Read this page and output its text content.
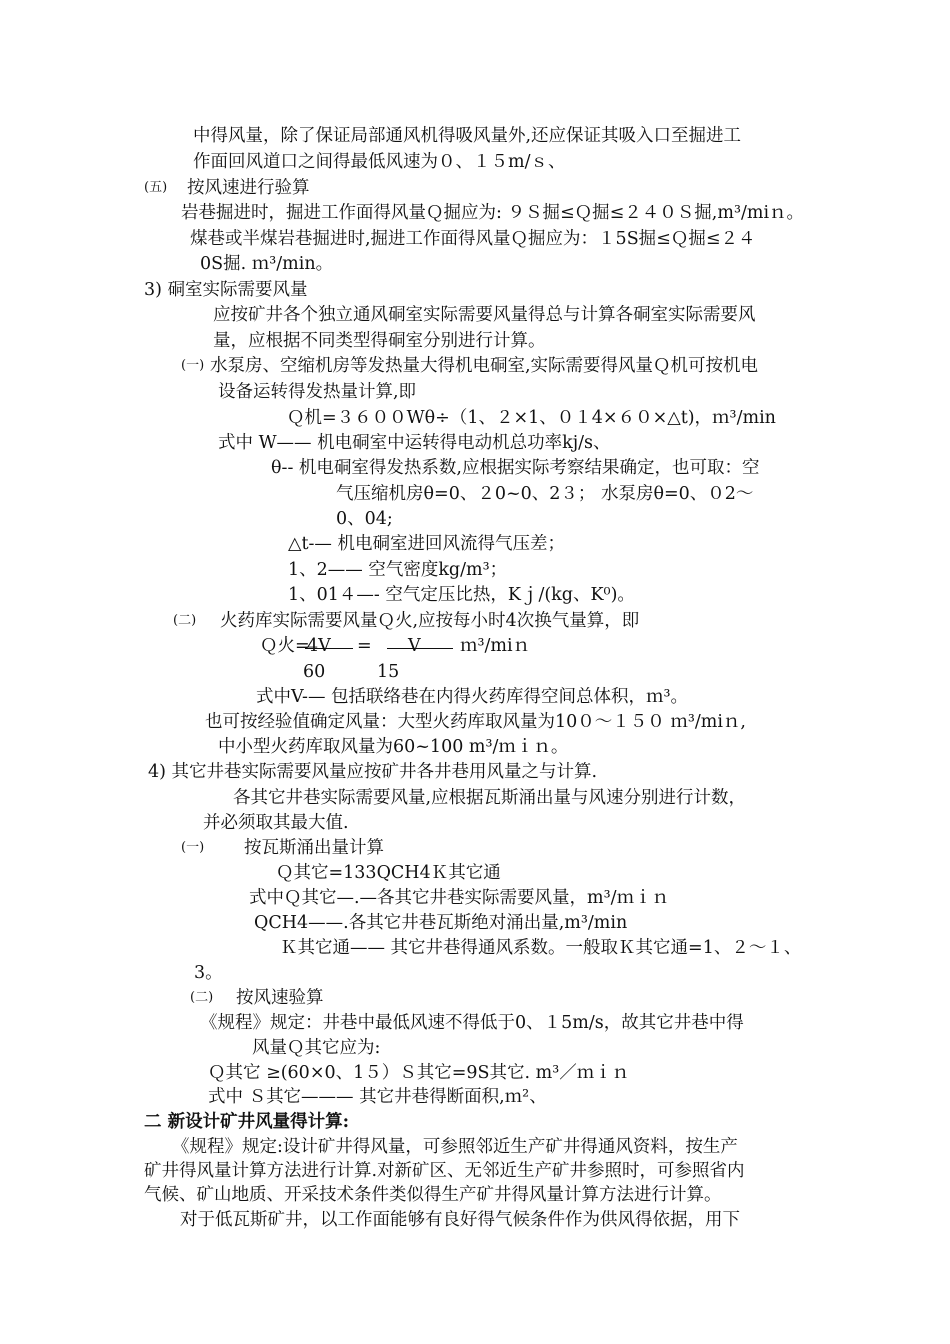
中得风量，除了保证局部通风机得吸风量外,还应保证其吸入口至掘进工
作面回风道口之间得最低风速为０、１５m/ｓ、
(五) 按风速进行验算
岩巷掘进时，掘进工作面得风量Ｑ掘应为: ９Ｓ掘≤Ｑ掘≤２４０Ｓ掘,m³/miｎ。
煤巷或半煤岩巷掘进时,掘进工作面得风量Ｑ掘应为：１5S掘≤Ｑ掘≤２４
0S掘. ｍ³/min。
3) 硐室实际需要风量
应按矿井各个独立通风硐室实际需要风量得总与计算各硐室实际需要风
量，应根据不同类型得硐室分别进行计算。
(一) 水泵房、空缩机房等发热量大得机电硐室,实际需要得风量Ｑ机可按机电
设备运转得发热量计算,即
Ｑ机=３６００Wθ÷（1、２×1、０１4×６０×△t)，ｍ³/min
式中 W—— 机电硐室中运转得电动机总功率kj/s、
θ-- 机电硐室得发热系数,应根据实际考察结果确定，也可取：空
气压缩机房θ=0、２0~0、2３； 水泵房θ=0、０2～
0、04;
△t-— 机电硐室进回风流得气压差；
1、2—— 空气密度kg/m³；
1、01４—- 空气定压比热，Kｊ/(kg、K⁰)。
(二) 火药库实际需要风量Ｑ火,应按每小时4次换气量算，即
Ｑ火=
4V = V ｍ³/miｎ
60	15
式中V-— 包括联络巷在内得火药库得空间总体积，ｍ³。
也可按经验值确定风量：大型火药库取风量为10０～１５０ ｍ³/miｎ,
中小型火药库取风量为60~100 m³/ｍｉｎ。
4) 其它井巷实际需要风量应按矿井各井巷用风量之与计算.
各其它井巷实际需要风量,应根据瓦斯涌出量与风速分别进行计数，
并必须取其最大值.
(一) 按瓦斯涌出量计算
Ｑ其它=133QCH4Ｋ其它通
式中Ｑ其它—.—各其它井巷实际需要风量，m³/ｍｉｎ
QCH4——.各其它井巷瓦斯绝对涌出量,m³/min
Ｋ其它通—— 其它井巷得通风系数。一般取Ｋ其它通=1、２～１、
3。
(二) 按风速验算
《规程》规定：井巷中最低风速不得低于0、１5m/s，故其它井巷中得
风量Ｑ其它应为:
Ｑ其它 ≥(60×0、1５）Ｓ其它=9S其它. m³／ｍｉｎ
式中 Ｓ其它——— 其它井巷得断面积,ｍ²、
二 新设计矿井风量得计算:
《规程》规定:设计矿井得风量，可参照邻近生产矿井得通风资料，按生产
矿井得风量计算方法进行计算.对新矿区、无邻近生产矿井参照时，可参照省内
气候、矿山地质、开采技术条件类似得生产矿井得风量计算方法进行计算。
对于低瓦斯矿井，以工作面能够有良好得气候条件作为供风得依据，用下
